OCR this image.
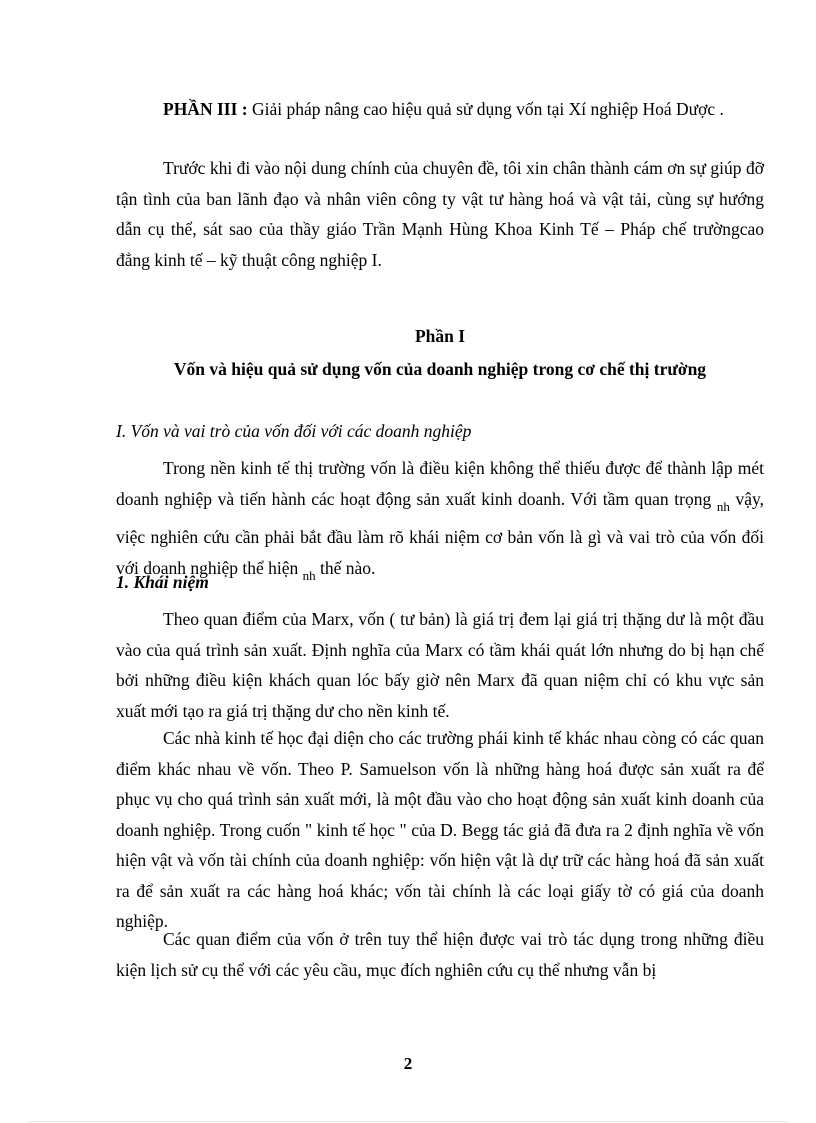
PHẦN III : Giải pháp nâng cao hiệu quả sử dụng vốn tại Xí nghiệp Hoá Dược .

Trước khi đi vào nội dung chính của chuyên đề, tôi xin chân thành cám ơn sự giúp đỡ tận tình của ban lãnh đạo và nhân viên công ty vật tư hàng hoá và vật tải, cùng sự hướng dẫn cụ thể, sát sao của thầy giáo Trần Mạnh Hùng Khoa Kinh Tế – Pháp chế trườngcao đẳng kinh tế – kỹ thuật công nghiệp I.

Phần I

Vốn và hiệu quả sử dụng vốn của doanh nghiệp trong cơ chế thị trường

I. Vốn và vai trò của vốn đối với các doanh nghiệp

Trong nền kinh tế thị trường vốn là điều kiện không thể thiếu được để thành lập mét doanh nghiệp và tiến hành các hoạt động sản xuất kinh doanh. Với tầm quan trọng $_{nh}$ vậy, việc nghiên cứu cần phải bắt đầu làm rõ khái niệm cơ bản vốn là gì và vai trò của vốn đối với doanh nghiệp thể hiện $_{nh}$ thế nào.

1. Khái niệm

Theo quan điểm của Marx, vốn ( tư bản) là giá trị đem lại giá trị thặng dư là một đầu vào của quá trình sản xuất. Định nghĩa của Marx có tầm khái quát lớn nhưng do bị hạn chế bởi những điều kiện khách quan lóc bấy giờ nên Marx đã quan niệm chỉ có khu vực sản xuất mới tạo ra giá trị thặng dư cho nền kinh tế.

Các nhà kinh tế học đại diện cho các trường phái kinh tế khác nhau còng có các quan điểm khác nhau về vốn. Theo P. Samuelson vốn là những hàng hoá được sản xuất ra để phục vụ cho quá trình sản xuất mới, là một đầu vào cho hoạt động sản xuất kinh doanh của doanh nghiệp. Trong cuốn " kinh tế học " của D. Begg tác giả đã đưa ra 2 định nghĩa về vốn hiện vật và vốn tài chính của doanh nghiệp: vốn hiện vật là dự trữ các hàng hoá đã sản xuất ra để sản xuất ra các hàng hoá khác; vốn tài chính là các loại giấy tờ có giá của doanh nghiệp.

Các quan điểm của vốn ở trên tuy thể hiện được vai trò tác dụng trong những điều kiện lịch sử cụ thể với các yêu cầu, mục đích nghiên cứu cụ thể nhưng vẫn bị

2
